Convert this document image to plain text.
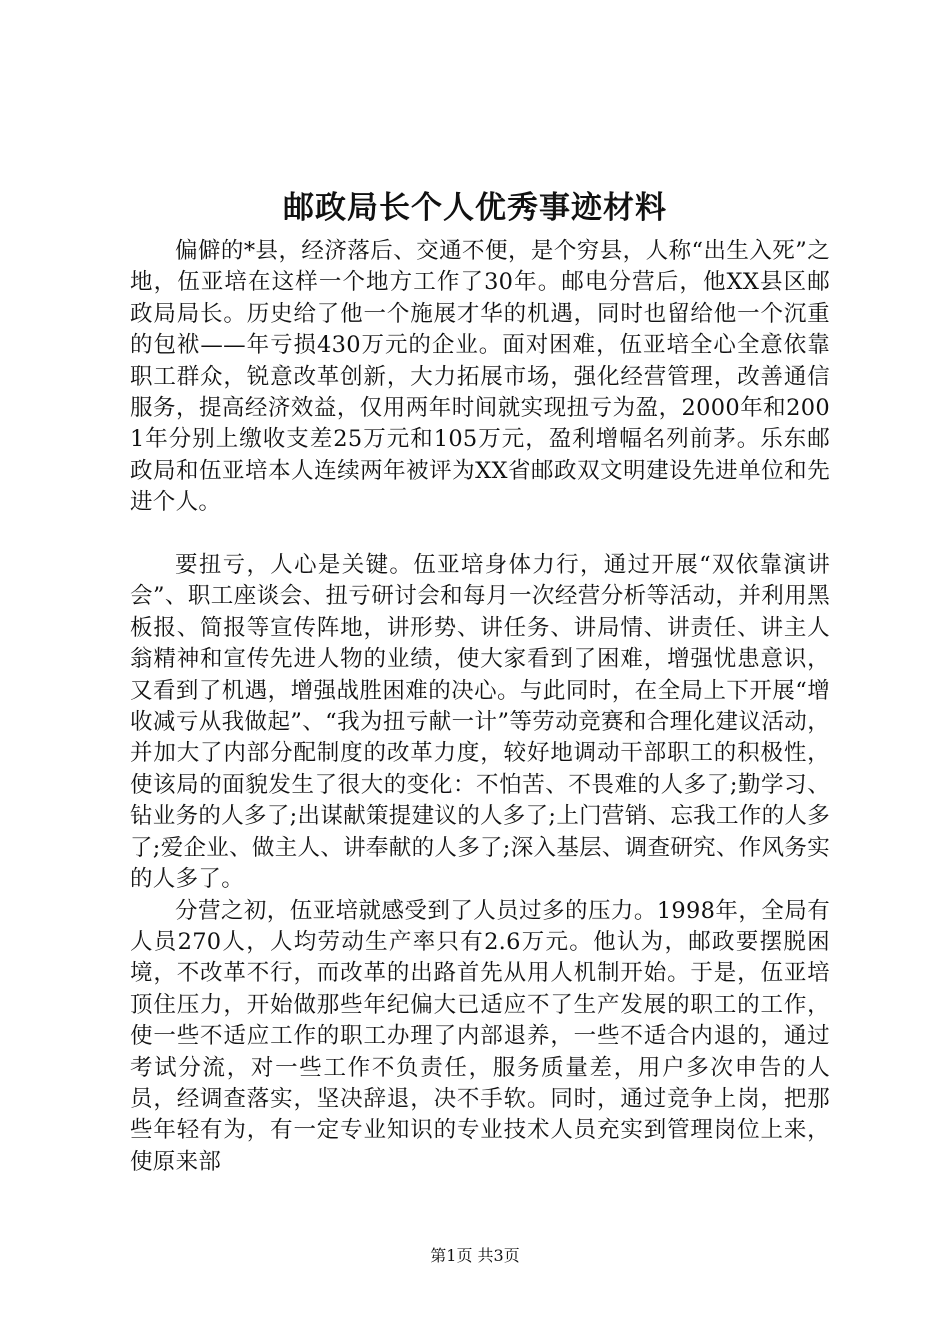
邮政局长个人优秀事迹材料

偏僻的*县，经济落后、交通不便，是个穷县，人称“出生入死”之地，伍亚培在这样一个地方工作了30年。邮电分营后，他XX县区邮政局局长。历史给了他一个施展才华的机遇，同时也留给他一个沉重的包袱——年亏损430万元的企业。面对困难，伍亚培全心全意依靠职工群众，锐意改革创新，大力拓展市场，强化经营管理，改善通信服务，提高经济效益，仅用两年时间就实现扭亏为盈，2000年和2001年分别上缴收支差25万元和105万元，盈利增幅名列前茅。乐东邮政局和伍亚培本人连续两年被评为XX省邮政双文明建设先进单位和先进个人。

要扭亏，人心是关键。伍亚培身体力行，通过开展“双依靠演讲会”、职工座谈会、扭亏研讨会和每月一次经营分析等活动，并利用黑板报、简报等宣传阵地，讲形势、讲任务、讲局情、讲责任、讲主人翁精神和宣传先进人物的业绩，使大家看到了困难，增强忧患意识，又看到了机遇，增强战胜困难的决心。与此同时，在全局上下开展“增收减亏从我做起”、“我为扭亏献一计”等劳动竞赛和合理化建议活动，并加大了内部分配制度的改革力度，较好地调动干部职工的积极性，使该局的面貌发生了很大的变化：不怕苦、不畏难的人多了;勤学习、钻业务的人多了;出谋献策提建议的人多了;上门营销、忘我工作的人多了;爱企业、做主人、讲奉献的人多了;深入基层、调查研究、作风务实的人多了。

分营之初，伍亚培就感受到了人员过多的压力。1998年，全局有人员270人，人均劳动生产率只有2.6万元。他认为，邮政要摆脱困境，不改革不行，而改革的出路首先从用人机制开始。于是，伍亚培顶住压力，开始做那些年纪偏大已适应不了生产发展的职工的工作，使一些不适应工作的职工办理了内部退养，一些不适合内退的，通过考试分流，对一些工作不负责任，服务质量差，用户多次申告的人员，经调查落实，坚决辞退，决不手软。同时，通过竞争上岗，把那些年轻有为，有一定专业知识的专业技术人员充实到管理岗位上来，使原来部

第1页 共3页
